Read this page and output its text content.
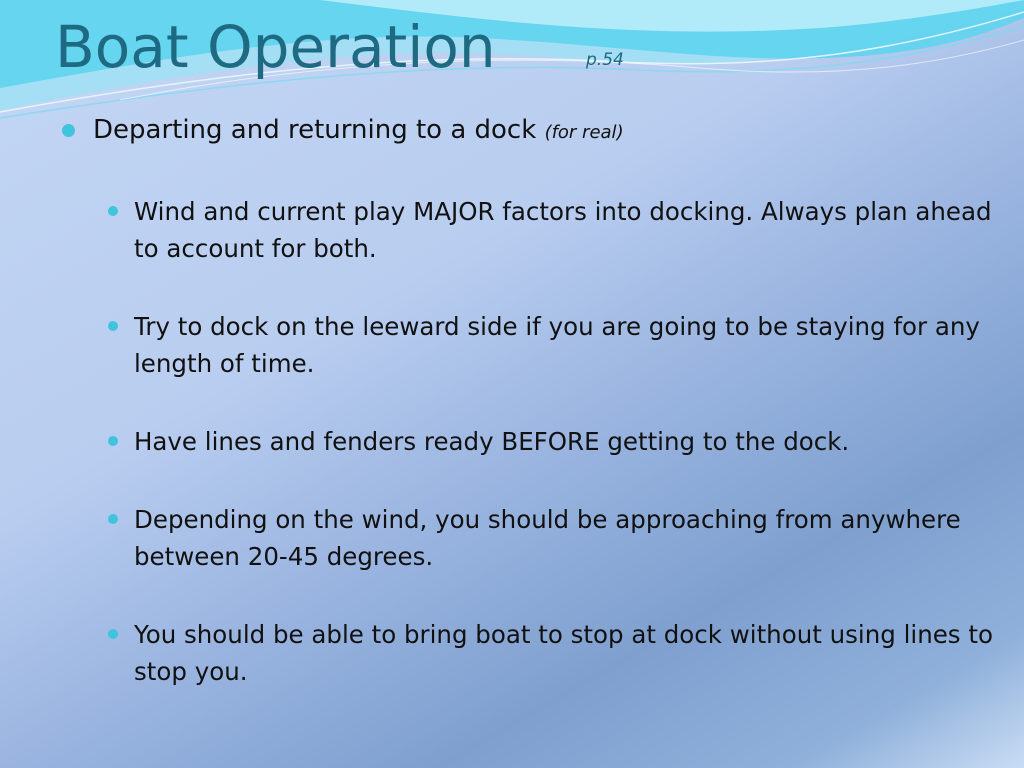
Boat Operation	p.54
Departing and returning to a dock (for real)
Wind and current play MAJOR factors into docking. Always plan ahead to account for both.
Try to dock on the leeward side if you are going to be staying for any length of time.
Have lines and fenders ready BEFORE getting to the dock.
Depending on the wind, you should be approaching from anywhere between 20-45 degrees.
You should be able to bring boat to stop at dock without using lines to stop you.
